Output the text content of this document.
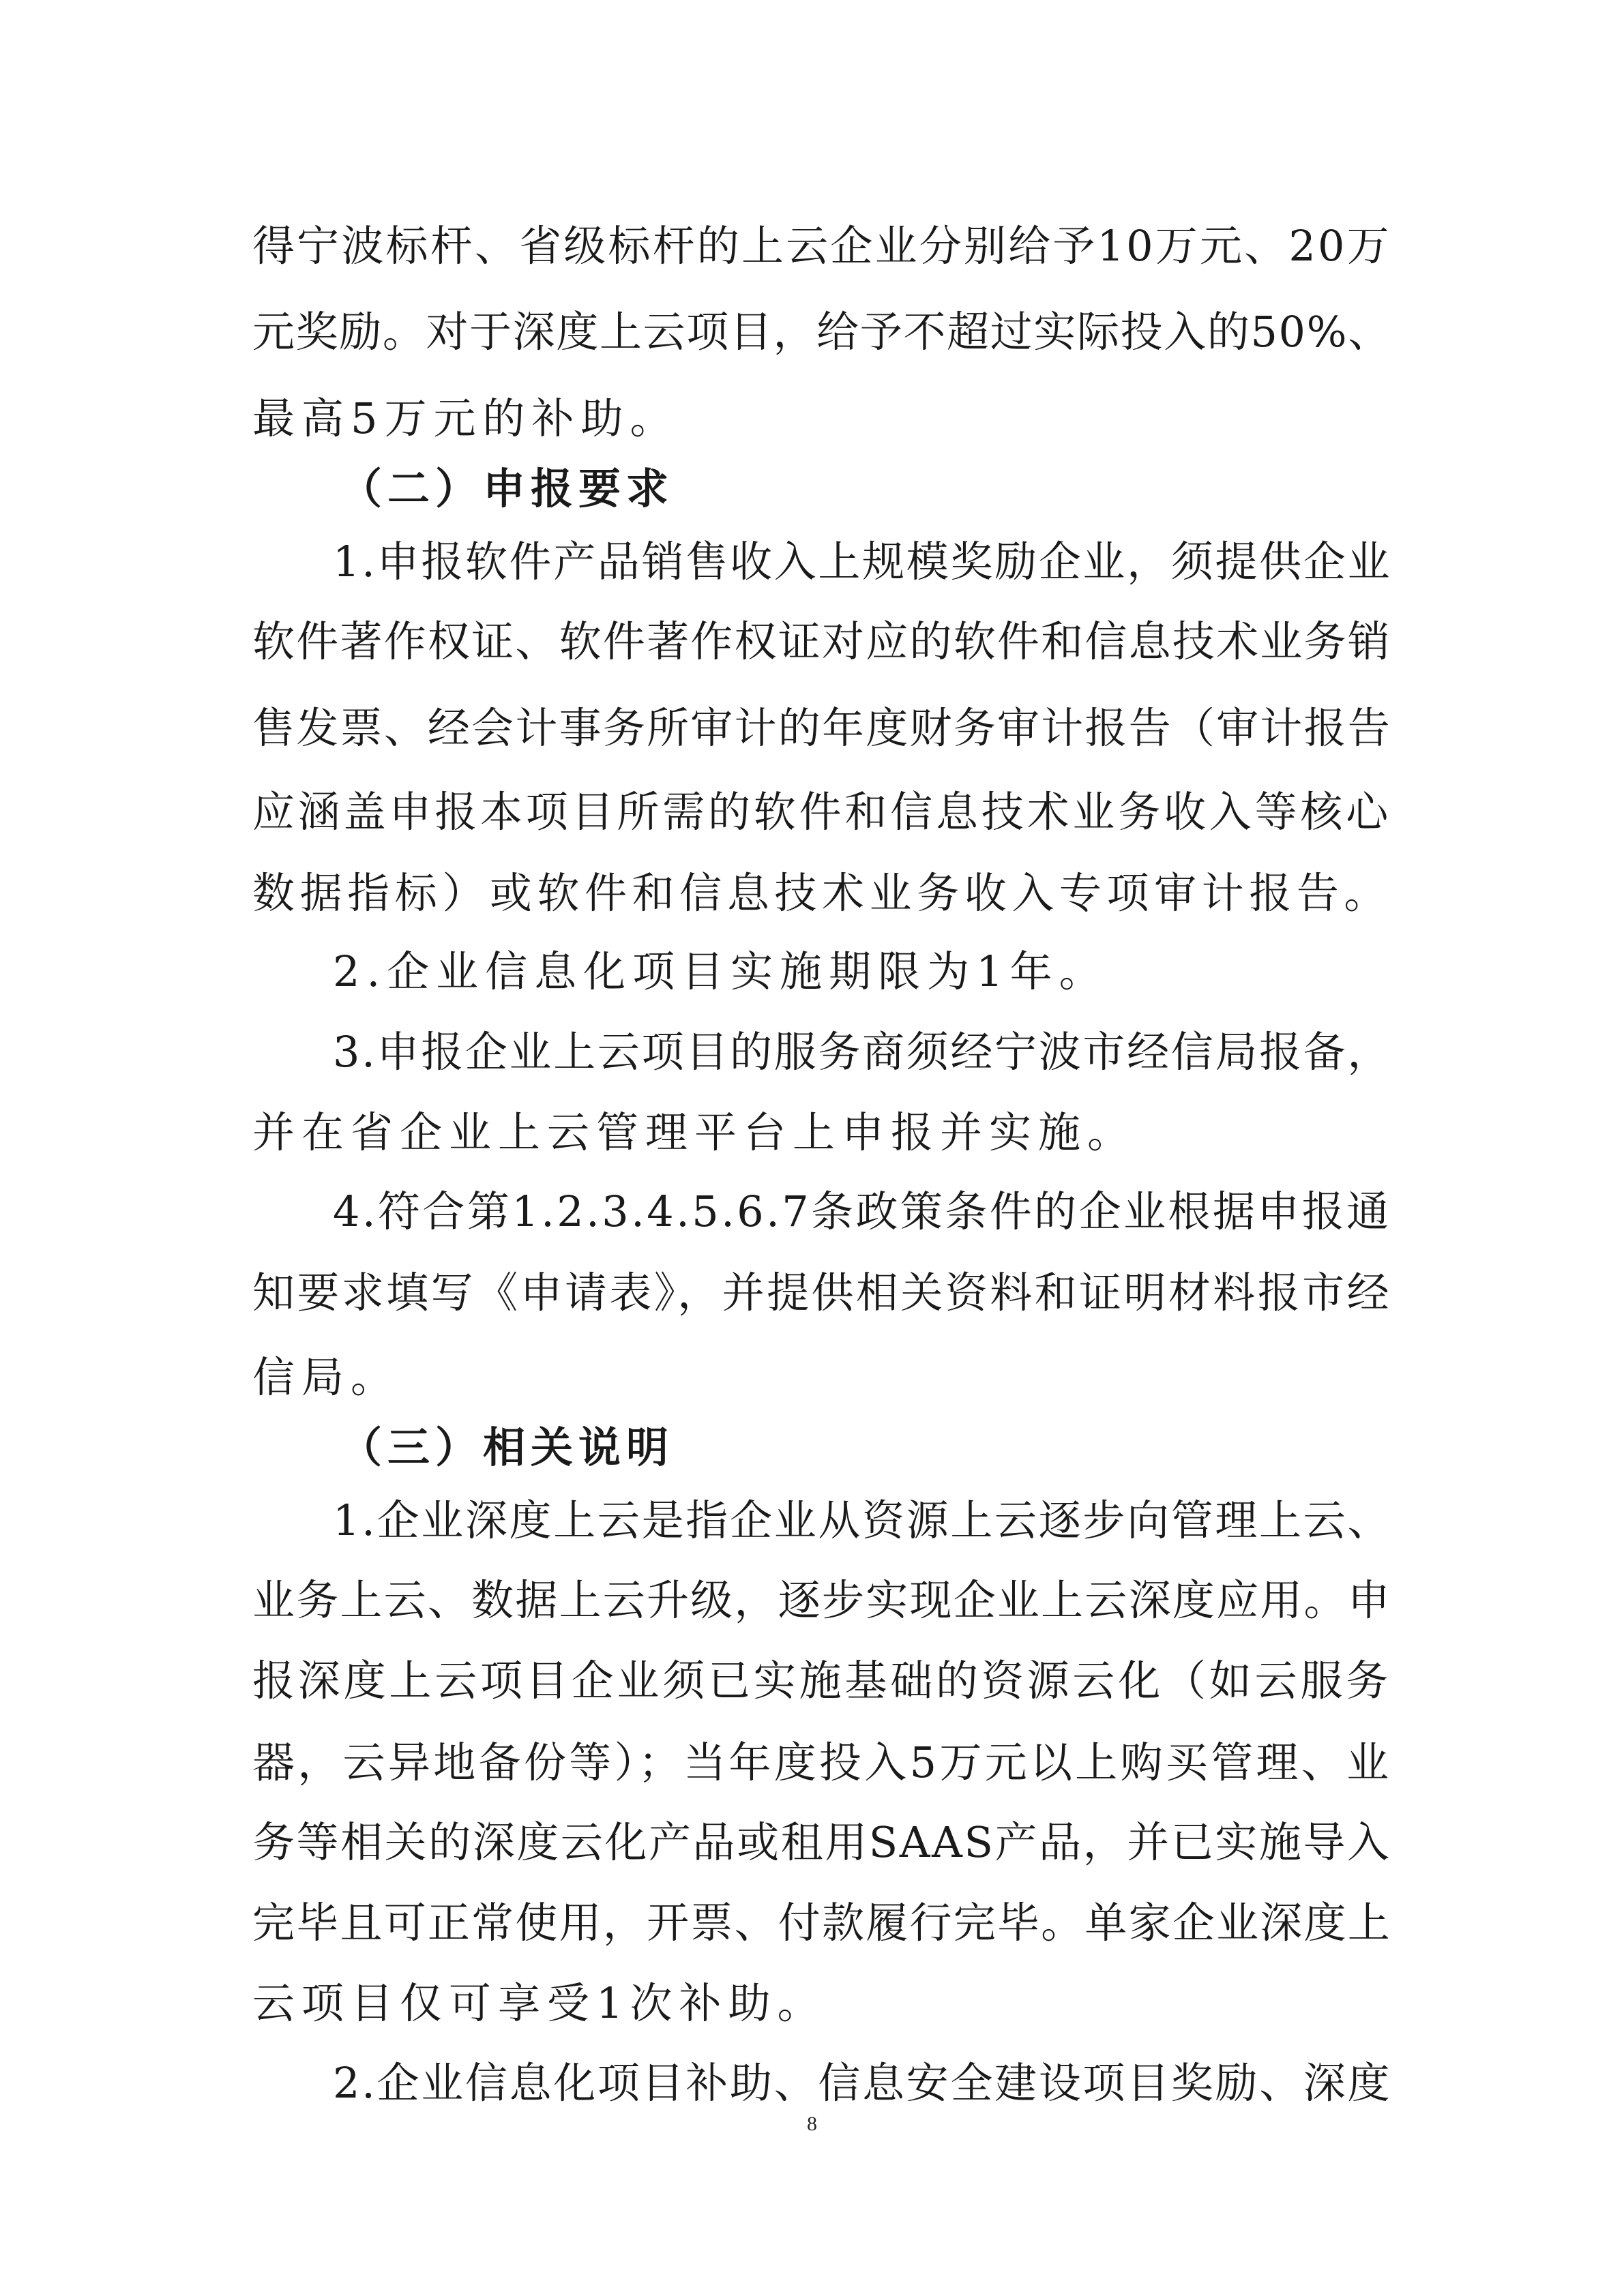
得宁波标杆、省级标杆的上云企业分别给予10万元、20万
元奖励。对于深度上云项目，给予不超过实际投入的50%、
最高5万元的补助。
（二）申报要求
1.申报软件产品销售收入上规模奖励企业，须提供企业
软件著作权证、软件著作权证对应的软件和信息技术业务销
售发票、经会计事务所审计的年度财务审计报告（审计报告
应涵盖申报本项目所需的软件和信息技术业务收入等核心
数据指标）或软件和信息技术业务收入专项审计报告。
2.企业信息化项目实施期限为1年。
3.申报企业上云项目的服务商须经宁波市经信局报备，
并在省企业上云管理平台上申报并实施。
4.符合第1.2.3.4.5.6.7条政策条件的企业根据申报通
知要求填写《申请表》，并提供相关资料和证明材料报市经
信局。
（三）相关说明
1.企业深度上云是指企业从资源上云逐步向管理上云、
业务上云、数据上云升级，逐步实现企业上云深度应用。申
报深度上云项目企业须已实施基础的资源云化（如云服务
器，云异地备份等）；当年度投入5万元以上购买管理、业
务等相关的深度云化产品或租用SAAS产品，并已实施导入
完毕且可正常使用，开票、付款履行完毕。单家企业深度上
云项目仅可享受1次补助。
2.企业信息化项目补助、信息安全建设项目奖励、深度
8
